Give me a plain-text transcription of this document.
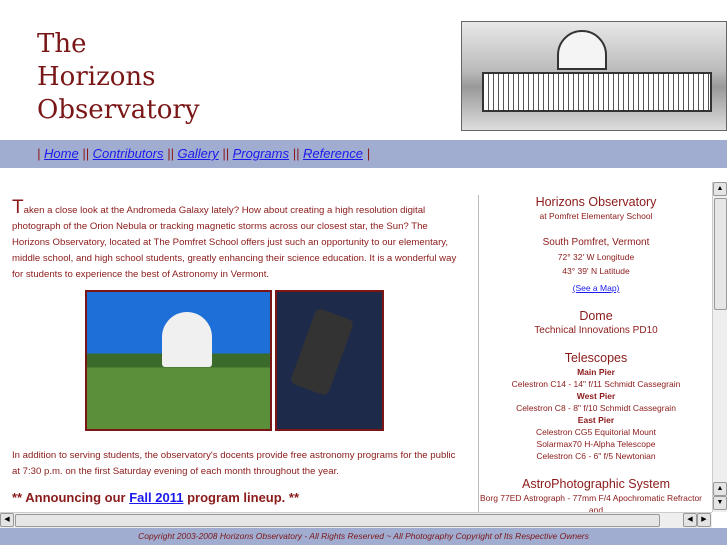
The
Horizons
Observatory
| Home || Contributors || Gallery || Programs || Reference |

Taken a close look at the Andromeda Galaxy lately? How about creating a high resolution digital photograph of the Orion Nebula or tracking magnetic storms across our closest star, the Sun? The Horizons Observatory, located at The Pomfret School offers just such an opportunity to our elementary, middle school, and high school students, greatly enhancing their science education. It is a wonderful way for students to experience the best of Astronomy in Vermont.

In addition to serving students, the observatory's docents provide free astronomy programs for the public at 7:30 p.m. on the first Saturday evening of each month throughout the year.

** Announcing our Fall 2011 program lineup. **
Horizons Observatory
at Pomfret Elementary School
South Pomfret, Vermont
72° 32' W Longitude
43° 39' N Latitude
(See a Map)
Dome
Technical Innovations PD10
Telescopes
Main Pier
Celestron C14 - 14" f/11 Schmidt Cassegrain
West Pier
Celestron C8 - 8" f/10 Schmidt Cassegrain
East Pier
Celestron CG5 Equitorial Mount
Solarmax70 H-Alpha Telescope
Celestron C6 - 6" f/5 Newtonian
AstroPhotographic System
Borg 77ED Astrograph - 77mm F/4 Apochromatic Refractor
and
▲
▲
▼
◀	◀	▶
Copyright 2003-2008 Horizons Observatory - All Rights Reserved ~ All Photography Copyright of Its Respective Owners
